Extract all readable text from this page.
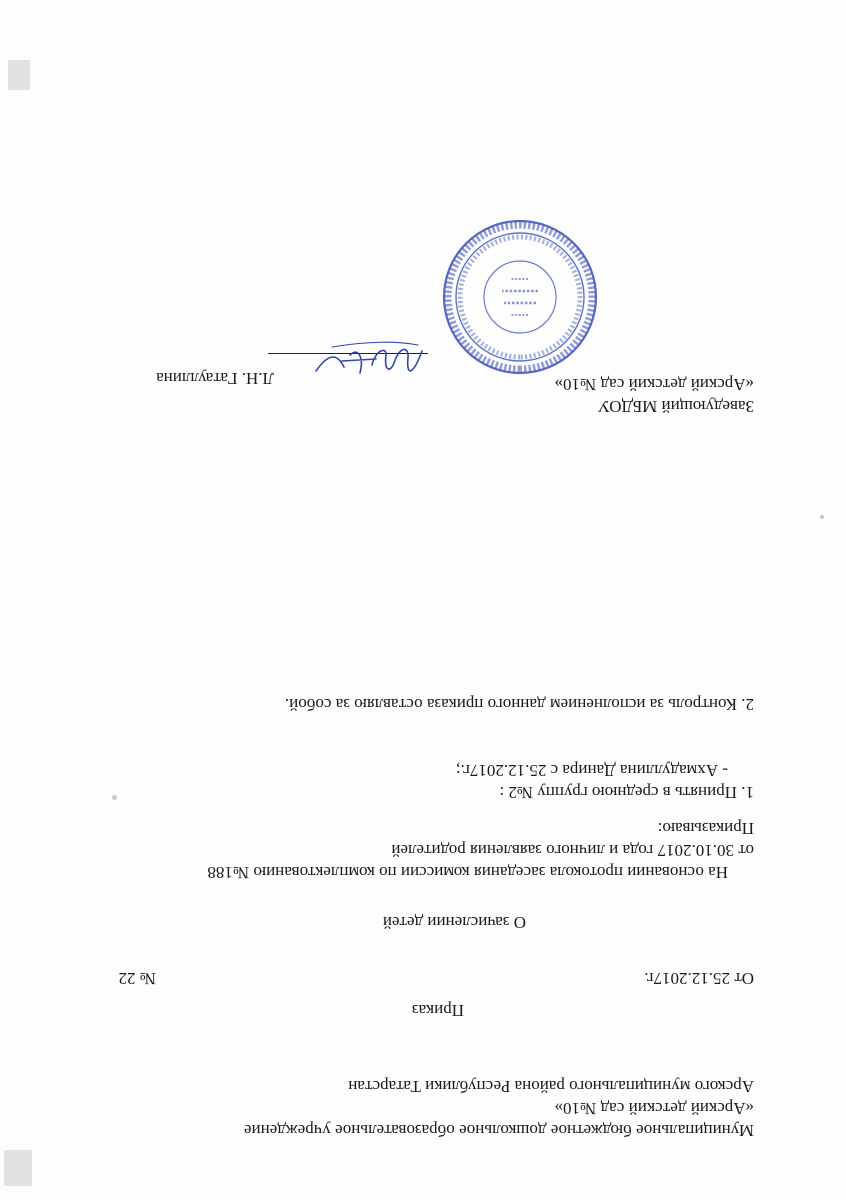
Муниципальное бюджетное дошкольное образовательное учреждение
«Арский детский сад №10»
Арского муниципального района Республики Татарстан
Приказ
От 25.12.2017г.
№ 22
О зачислении детей
На основании протокола заседания комиссии по комплектованию №188
от 30.10.2017 года и личного заявления родителей
Приказываю:
1. Принять в среднюю группу №2 :
- Ахмадуллина Данира с 25.12.2017г.;
2. Контроль за исполнением данного приказа оставляю за собой.
Заведующий МБДОУ
«Арский детский сад №10»
Л.Н. Гатауллина
